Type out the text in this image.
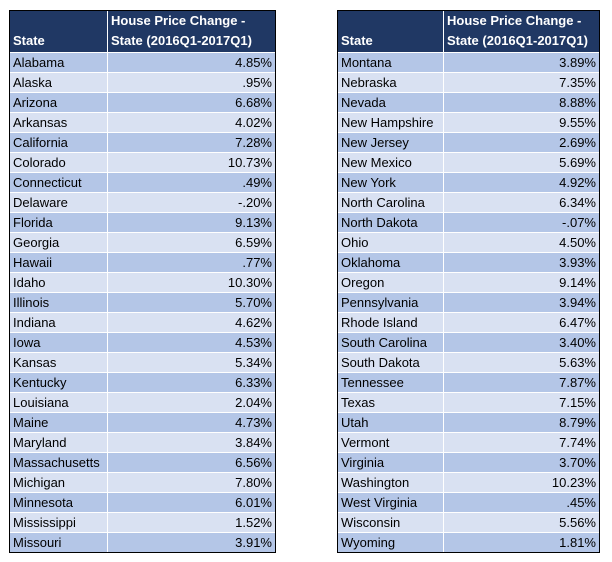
State	House Price Change - State (2016Q1-2017Q1)
Alabama	4.85%
Alaska	.95%
Arizona	6.68%
Arkansas	4.02%
California	7.28%
Colorado	10.73%
Connecticut	.49%
Delaware	-.20%
Florida	9.13%
Georgia	6.59%
Hawaii	.77%
Idaho	10.30%
Illinois	5.70%
Indiana	4.62%
Iowa	4.53%
Kansas	5.34%
Kentucky	6.33%
Louisiana	2.04%
Maine	4.73%
Maryland	3.84%
Massachusetts	6.56%
Michigan	7.80%
Minnesota	6.01%
Mississippi	1.52%
Missouri	3.91%
State	House Price Change - State (2016Q1-2017Q1)
Montana	3.89%
Nebraska	7.35%
Nevada	8.88%
New Hampshire	9.55%
New Jersey	2.69%
New Mexico	5.69%
New York	4.92%
North Carolina	6.34%
North Dakota	-.07%
Ohio	4.50%
Oklahoma	3.93%
Oregon	9.14%
Pennsylvania	3.94%
Rhode Island	6.47%
South Carolina	3.40%
South Dakota	5.63%
Tennessee	7.87%
Texas	7.15%
Utah	8.79%
Vermont	7.74%
Virginia	3.70%
Washington	10.23%
West Virginia	.45%
Wisconsin	5.56%
Wyoming	1.81%
